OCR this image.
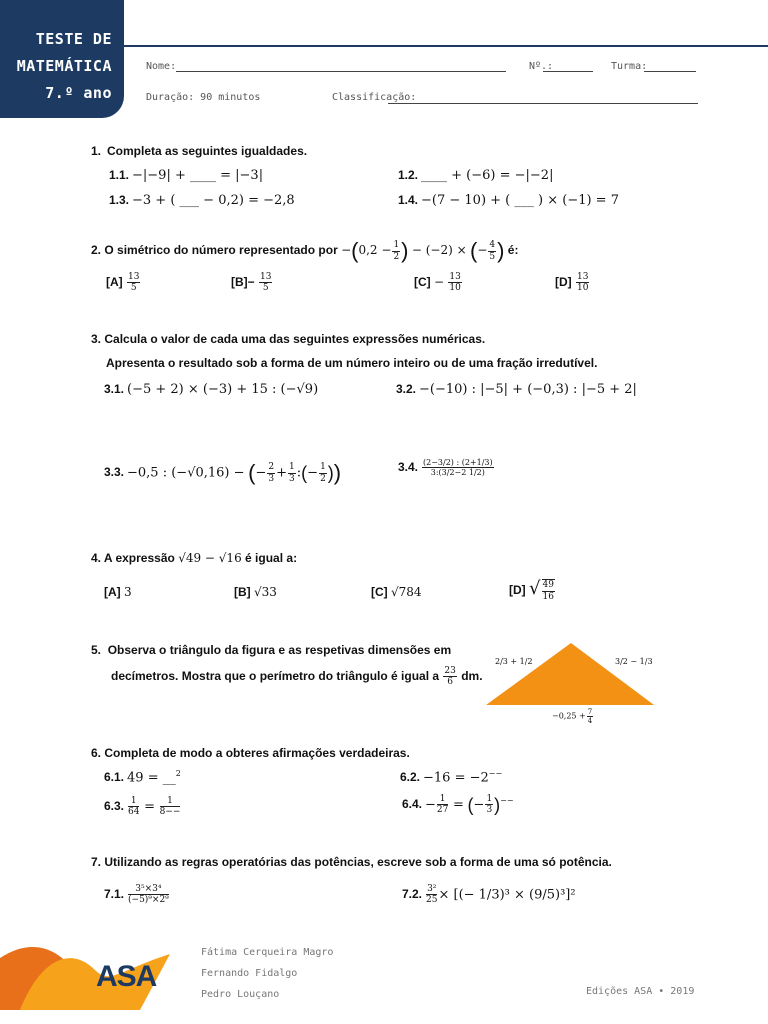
TESTE DE
MATEMÁTICA
7.º ano
Nome:	Nº.:	Turma:
Duração: 90 minutos	Classificação:
1. Completa as seguintes igualdades.
1.1. −|−9| + ____ = |−3|	1.2. ____ + (−6) = −|−2|
1.3. −3 + ( ___ − 0,2) = −2,8	1.4. −(7 − 10) + ( ___ ) × (−1) = 7
2. O simétrico do número representado por $-(0,2 - \frac{1}{2}$ ) − (−2) × (− $\frac{4}{5}$ ) é:
$[A] \frac{13}{5}$	$[B]- \frac{13}{5}$	$[C] - \frac{13}{10}$	$[D] \frac{13}{10}$
3. Calcula o valor de cada uma das seguintes expressões numéricas.
Apresenta o resultado sob a forma de um número inteiro ou de uma fração irredutível.
3.1. (−5 + 2) × (−3) + 15 : (−√9)	3.2. −(−10) : |−5| + (−0,3) : |−5 + 2|
3.3. −0,5 : (−√0,16) − (− $\frac{2}{3} + \frac{1}{3}$ :(− $\frac{1}{2}$ ))	3.4. $\frac{(2-3/2) : (2+1/3)}{3:(3/2-2 1/2)}$
4. A expressão √49 − √16 é igual a:
[A] 3	[B] √33	[C] √784	[D] √ $\frac{49}{16}$
5. Observa o triângulo da figura e as respetivas dimensões em
decímetros. Mostra que o perímetro do triângulo é igual a $\frac{23}{6}$ dm.
2/3 + 1/2	3/2 − 1/3
$-0,25 + \frac{7}{4}$
6. Completa de modo a obteres afirmações verdadeiras.
6.1. 49 = __$^2$	6.2. −16 = −2−−
6.3. $\frac{1}{64} = \frac{1}{8--}$	6.4. − $\frac{1}{27}$ = (− $\frac{1}{3} )^{--}$
7. Utilizando as regras operatórias das potências, escreve sob a forma de uma só potência.
7.1. $\frac{\text{3⁵×3⁴}}{\text{(−5)⁹×2⁹}}$	7.2. $\frac{\text{3²}}{25}$ × [(− 1/3)³ × (9/5)³]²
ASA
Fátima Cerqueira Magro
Fernando Fidalgo
Pedro Louçano	Edições ASA • 2019
